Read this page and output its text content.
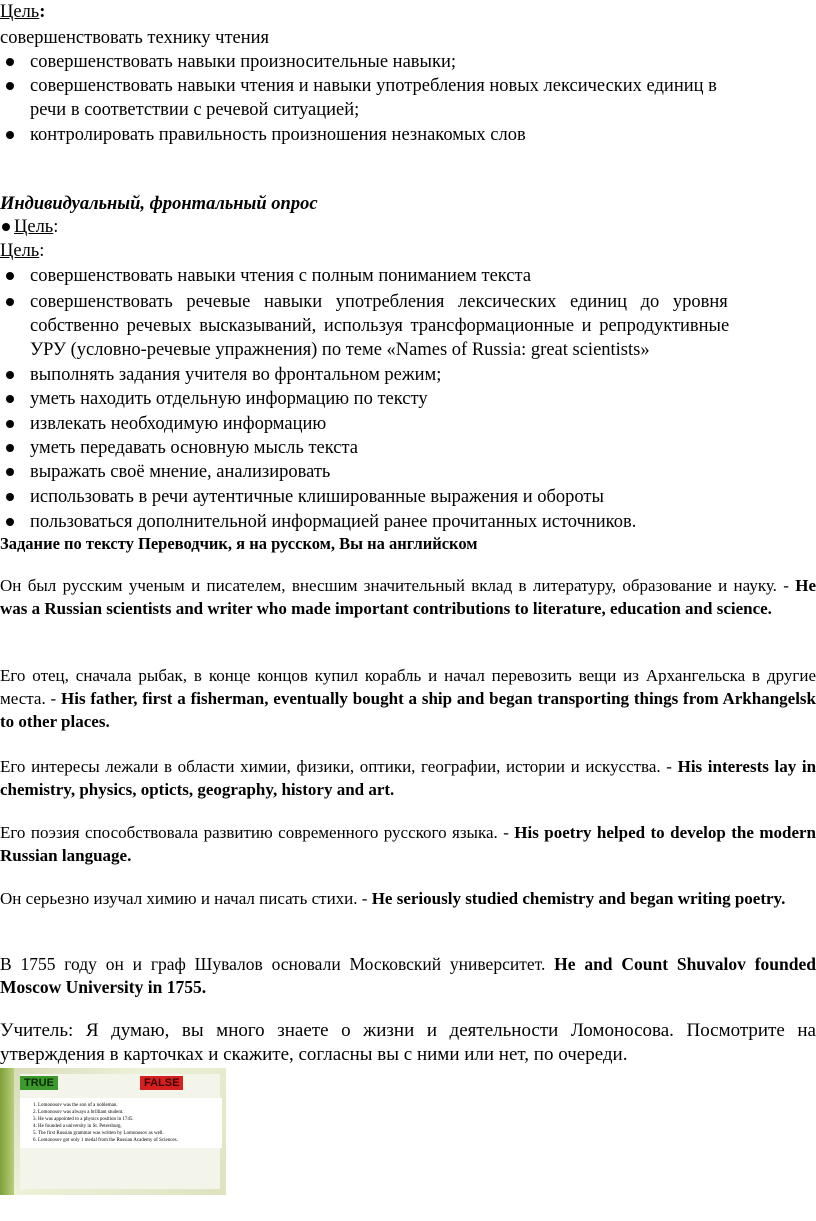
Цель:
совершенствовать технику чтения
совершенствовать навыки произносительные навыки;
совершенствовать навыки чтения и навыки употребления новых лексических единиц в
речи в соответствии с речевой ситуацией;
контролировать правильность произношения незнакомых слов
Индивидуальный, фронтальный опрос
Цель:
Цель:
совершенствовать навыки чтения с полным пониманием текста
совершенствовать речевые навыки употребления лексических единиц до уровня
собственно речевых высказываний, используя трансформационные и репродуктивные
УРУ (условно-речевые упражнения) по теме «Names of Russia: great scientists»
выполнять задания учителя во фронтальном режим;
уметь находить отдельную информацию по тексту
извлекать необходимую информацию
уметь передавать основную мысль текста
выражать своё мнение, анализировать
использовать в речи аутентичные клишированные выражения и обороты
пользоваться дополнительной информацией ранее прочитанных источников.
Задание по тексту Переводчик, я на русском, Вы на английском
Он был русским ученым и писателем, внесшим значительный вклад в литературу, образование и науку. - He was a Russian scientists and writer who made important contributions to literature, education and science.
Его отец, сначала рыбак, в конце концов купил корабль и начал перевозить вещи из Архангельска в другие места. - His father, first a fisherman, eventually bought a ship and began transporting things from Arkhangelsk to other places.
Его интересы лежали в области химии, физики, оптики, географии, истории и искусства. - His interests lay in chemistry, physics, opticts, geography, history and art.
Его поэзия способствовала развитию современного русского языка. - His poetry helped to develop the modern Russian language.
Он серьезно изучал химию и начал писать стихи. - He seriously studied chemistry and began writing poetry.
В 1755 году он и граф Шувалов основали Московский университет. He and Count Shuvalov founded Moscow University in 1755.
Учитель: Я думаю, вы много знаете о жизни и деятельности Ломоносова. Посмотрите на утверждения в карточках и скажите, согласны вы с ними или нет, по очереди.
TRUE	FALSE
1. Lomonosov was the son of a nobleman.
2. Lomonosov was always a brilliant student.
3. He was appointed to a physics position in 1745.
4. He founded a university in St. Petersburg.
5. The first Russian grammar was written by Lomonosov as well.
6. Lomonosov got only 1 medal from the Russian Academy of Sciences.
